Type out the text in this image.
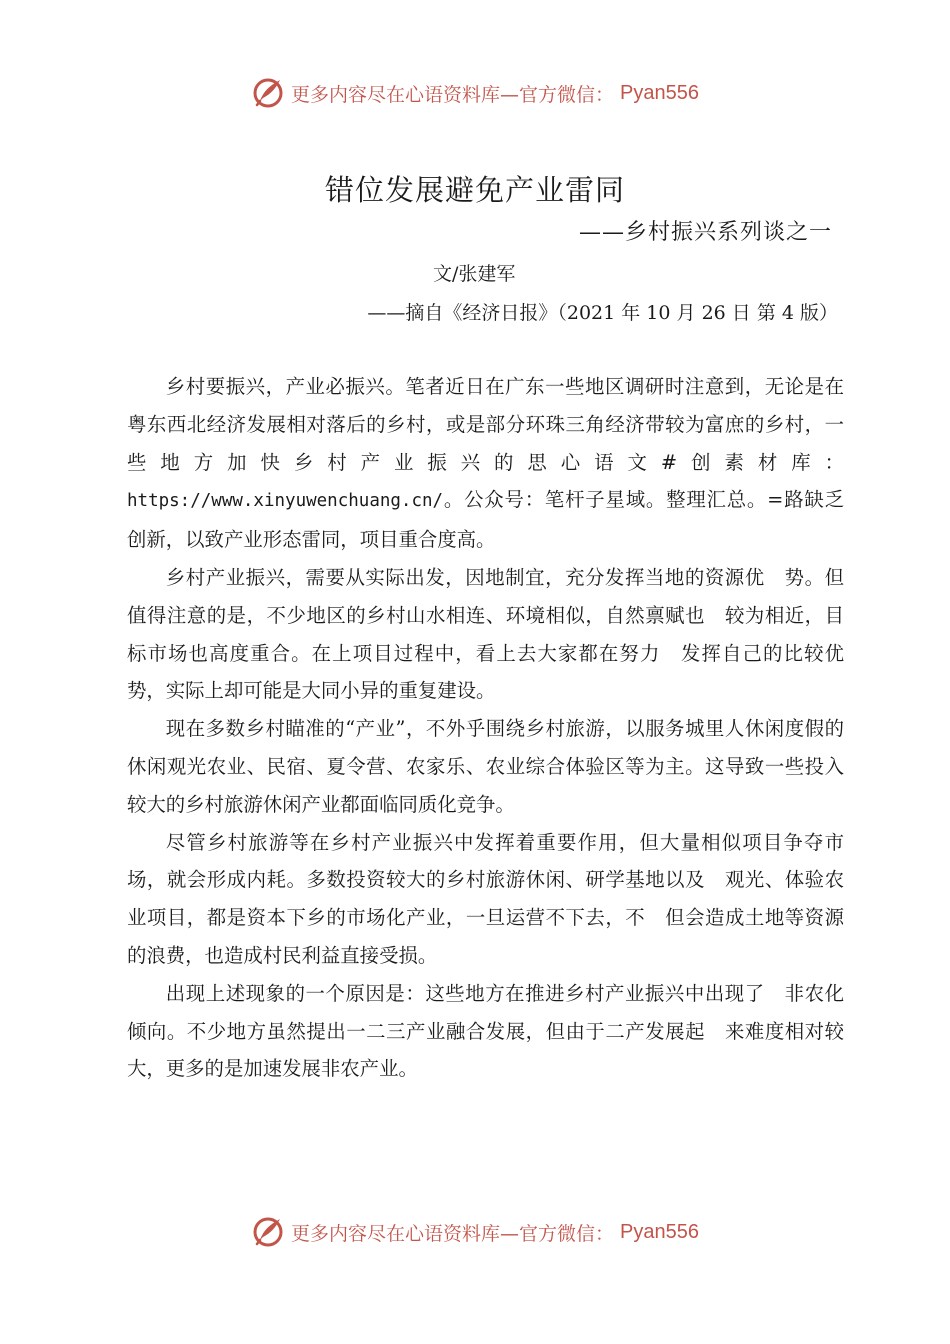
更多内容尽在心语资料库—官方微信： Pyan556
错位发展避免产业雷同
——乡村振兴系列谈之一
文/张建军
——摘自《经济日报》（2021 年 10 月 26 日 第 4 版）

乡村要振兴，产业必振兴。笔者近日在广东一些地区调研时注意到，无论是在粤东西北经济发展相对落后的乡村，或是部分环珠三角经济带较为富庶的乡村，一些地方加快乡村产业振兴的思心语文#创素材库：https://www.xinyuwenchuang.cn/。公众号：笔杆子星域。整理汇总。=路缺乏创新，以致产业形态雷同，项目重合度高。

乡村产业振兴，需要从实际出发，因地制宜，充分发挥当地的资源优　势。但值得注意的是，不少地区的乡村山水相连、环境相似，自然禀赋也　较为相近，目标市场也高度重合。在上项目过程中，看上去大家都在努力　发挥自己的比较优势，实际上却可能是大同小异的重复建设。

现在多数乡村瞄准的“产业”，不外乎围绕乡村旅游，以服务城里人休闲度假的休闲观光农业、民宿、夏令营、农家乐、农业综合体验区等为主。这导致一些投入较大的乡村旅游休闲产业都面临同质化竞争。

尽管乡村旅游等在乡村产业振兴中发挥着重要作用，但大量相似项目争夺市场，就会形成内耗。多数投资较大的乡村旅游休闲、研学基地以及　观光、体验农业项目，都是资本下乡的市场化产业，一旦运营不下去，不　但会造成土地等资源的浪费，也造成村民利益直接受损。

出现上述现象的一个原因是：这些地方在推进乡村产业振兴中出现了　非农化倾向。不少地方虽然提出一二三产业融合发展，但由于二产发展起　来难度相对较大，更多的是加速发展非农产业。

更多内容尽在心语资料库—官方微信： Pyan556
